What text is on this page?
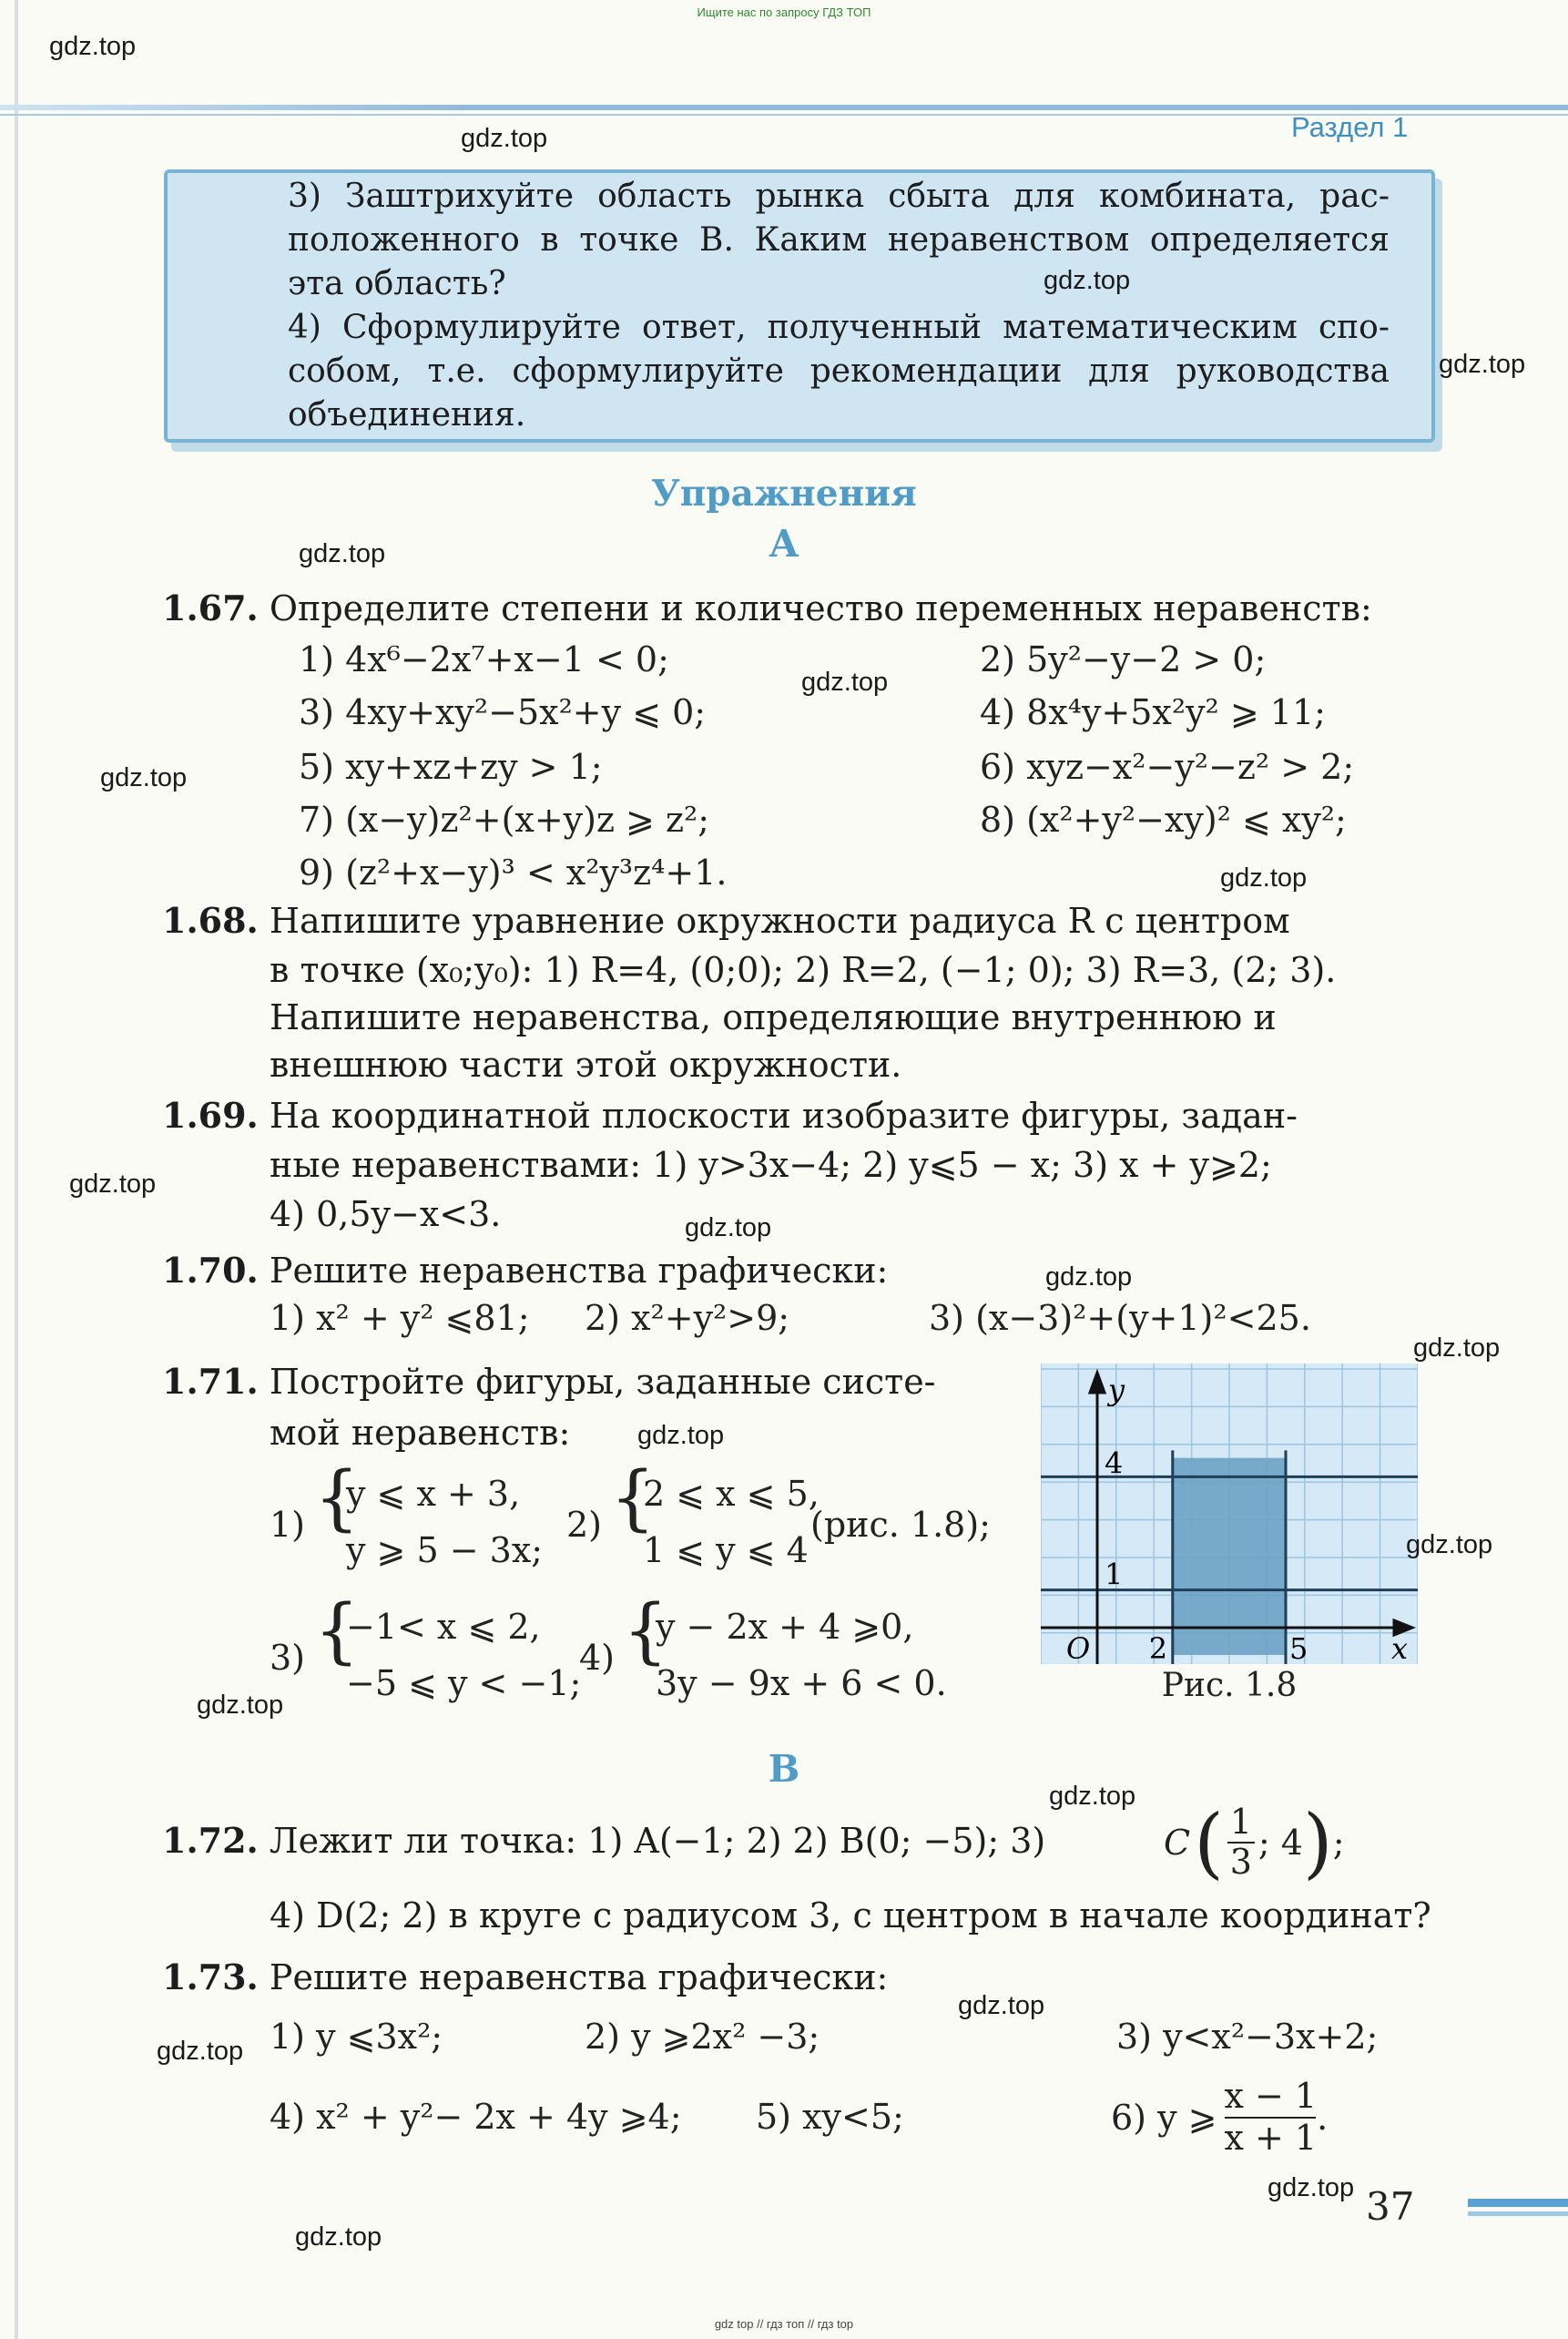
Ищите нас по запросу ГДЗ ТОП
Раздел 1

3) Заштрихуйте область рынка сбыта для комбината, рас-положенного в точке B. Каким неравенством определяется эта область?

4) Сформулируйте ответ, полученный математическим спо-собом, т.е. сформулируйте рекомендации для руководства объединения.

Упражнения
А
1.67. Определите степени и количество переменных неравенств:
1) 4x⁶−2x⁷+x−1 < 0;	2) 5y²−y−2 > 0;
3) 4xy+xy²−5x²+y ⩽ 0;	4) 8x⁴y+5x²y² ⩾ 11;
5) xy+xz+zy > 1;	6) xyz−x²−y²−z² > 2;
7) (x−y)z²+(x+y)z ⩾ z²;	8) (x²+y²−xy)² ⩽ xy²;
9) (z²+x−y)³ < x²y³z⁴+1.
1.68. Напишите уравнение окружности радиуса R с центром
в точке (x₀;y₀): 1) R=4, (0;0); 2) R=2, (−1; 0); 3) R=3, (2; 3).
Напишите неравенства, определяющие внутреннюю и
внешнюю части этой окружности.
1.69. На координатной плоскости изобразите фигуры, задан-
ные неравенствами: 1) y>3x−4; 2) y⩽5 − x; 3) x + y⩾2;
4) 0,5y−x<3.
1.70. Решите неравенства графически:
1) x² + y² ⩽81; 2) x²+y²>9;	3) (x−3)²+(y+1)²<25.
1.71. Постройте фигуры, заданные систе-
мой неравенств:
1) {
y ⩽ x + 3,
y ⩾ 5 − 3x;
2) {
2 ⩽ x ⩽ 5,
1 ⩽ y ⩽ 4
(рис. 1.8);
3) {
−1< x ⩽ 2,
−5 ⩽ y < −1;
4) {
y − 2x + 4 ⩾0,
3y − 9x + 6 < 0.
y
x
O 2	5
1
4
Рис. 1.8
В
1.72. Лежит ли точка: 1) A(−1; 2) 2) B(0; −5); 3)	C ( 1
3 ; 4 ) ;
4) D(2; 2) в круге с радиусом 3, с центром в начале координат?
1.73. Решите неравенства графически:
1) y ⩽3x²;	2) y ⩾2x² −3;	3) y<x²−3x+2;
4) x² + y²− 2x + 4y ⩾4; 5) xy<5;	6) y ⩾
x − 1
x + 1 .
37
gdz.top
gdz.top
gdz.top
gdz.top
gdz.top
gdz.top
gdz.top
gdz.top
gdz.top
gdz.top
gdz.top
gdz.top
gdz.top
gdz.top
gdz.top
gdz.top
gdz.top
gdz.top
gdz.top
gdz.top
gdz top // гдз топ // гдз top
